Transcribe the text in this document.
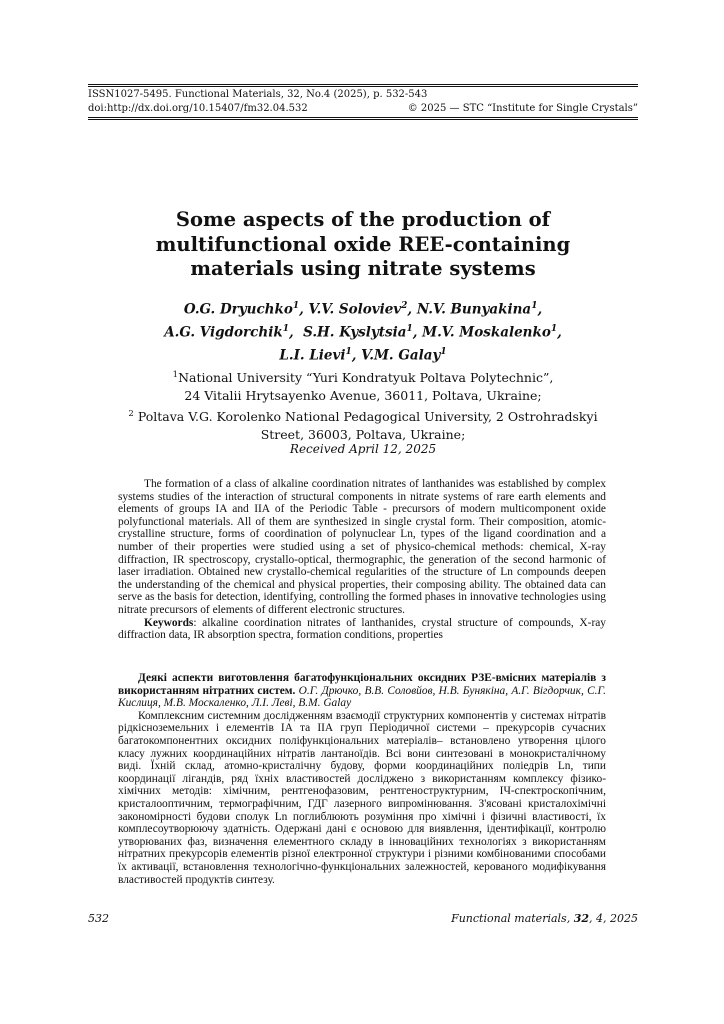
ISSN1027-5495. Functional Materials, 32, No.4 (2025), p. 532-543
doi:http://dx.doi.org/10.15407/fm32.04.532	© 2025 — STC “Institute for Single Crystals”
Some aspects of the production of
multifunctional oxide REE-containing
materials using nitrate systems
O.G. Dryuchko$^1$, V.V. Soloviev$^2$, N.V. Bunyakina$^1$,
A.G. Vigdorchik$^1$,  S.H. Kyslytsia$^1$, M.V. Moskalenko$^1$,
L.I. Lievi$^1$, V.M. Galay$^1$
$^1$National University “Yuri Kondratyuk Poltava Polytechnic”,
24 Vitalii Hrytsayenko Avenue, 36011, Poltava, Ukraine;
$^2$ Poltava V.G. Korolenko National Pedagogical University, 2 Ostrohradskyi
Street, 36003, Poltava, Ukraine;
Received April 12, 2025

The formation of a class of alkaline coordination nitrates of lanthanides was established by complex systems studies of the interaction of structural components in nitrate systems of rare earth elements and elements of groups IA and IIA of the Periodic Table - precursors of modern multicomponent oxide polyfunctional materials. All of them are synthesized in single crystal form. Their composition, atomic-crystalline structure, forms of coordination of polynuclear Ln, types of the ligand coordination and a number of their properties were studied using a set of physico-chemical methods: chemical, X-ray diffraction, IR spectroscopy, crystallo-optical, thermographic, the generation of the second harmonic of laser irradiation. Obtained new crystallo-chemical regularities of the structure of Ln compounds deepen the understanding of the chemical and physical properties, their composing ability. The obtained data can serve as the basis for detection, identifying, controlling the formed phases in innovative technologies using nitrate precursors of elements of different electronic structures.

Keywords: alkaline coordination nitrates of lanthanides, crystal structure of compounds, X-ray diffraction data, IR absorption spectra, formation conditions, properties

Деякі аспекти виготовлення багатофункціональних оксидних РЗЕ-вмісних матеріалів з використанням нітратних систем. О.Г. Дрючко, В.В. Соловйов, Н.В. Бунякіна, А.Г. Вігдорчик, С.Г. Кислиця, М.В. Москаленко, Л.І. Леві, В.М. Galay

Комплексним системним дослідженням взаємодії структурних компонентів у системах нітратів рідкісноземельних і елементів ІА та ІІА груп Періодичної системи – прекурсорів сучасних багатокомпонентних оксидних поліфункціональних матеріалів– встановлено утворення цілого класу лужних координаційних нітратів лантаноїдів. Всі вони синтезовані в монокристалічному виді. Їхній склад, атомно-кристалічну будову, форми координаційних поліедрів Ln, типи координації лігандів, ряд їхніх властивостей досліджено з використанням комплексу фізико-хімічних методів: хімічним, рентгенофазовим, рентгеноструктурним, ІЧ-спектроскопічним, кристалооптичним, термографічним, ГДГ лазерного випромінювання. З'ясовані кристалохімічні закономірності будови сполук Ln поглиблюють розуміння про хімічні і фізичні властивості, їх комплесоутворюючу здатність. Одержані дані є основою для виявлення, ідентифікації, контролю утворюваних фаз, визначення елементного складу в інноваційних технологіях з використанням нітратних прекурсорів елементів різної електронної структури і різними комбінованими способами їх активації, встановлення технологічно-функціональних залежностей, керованого модифікування властивостей продуктів синтезу.

532	Functional materials, 32, 4, 2025
